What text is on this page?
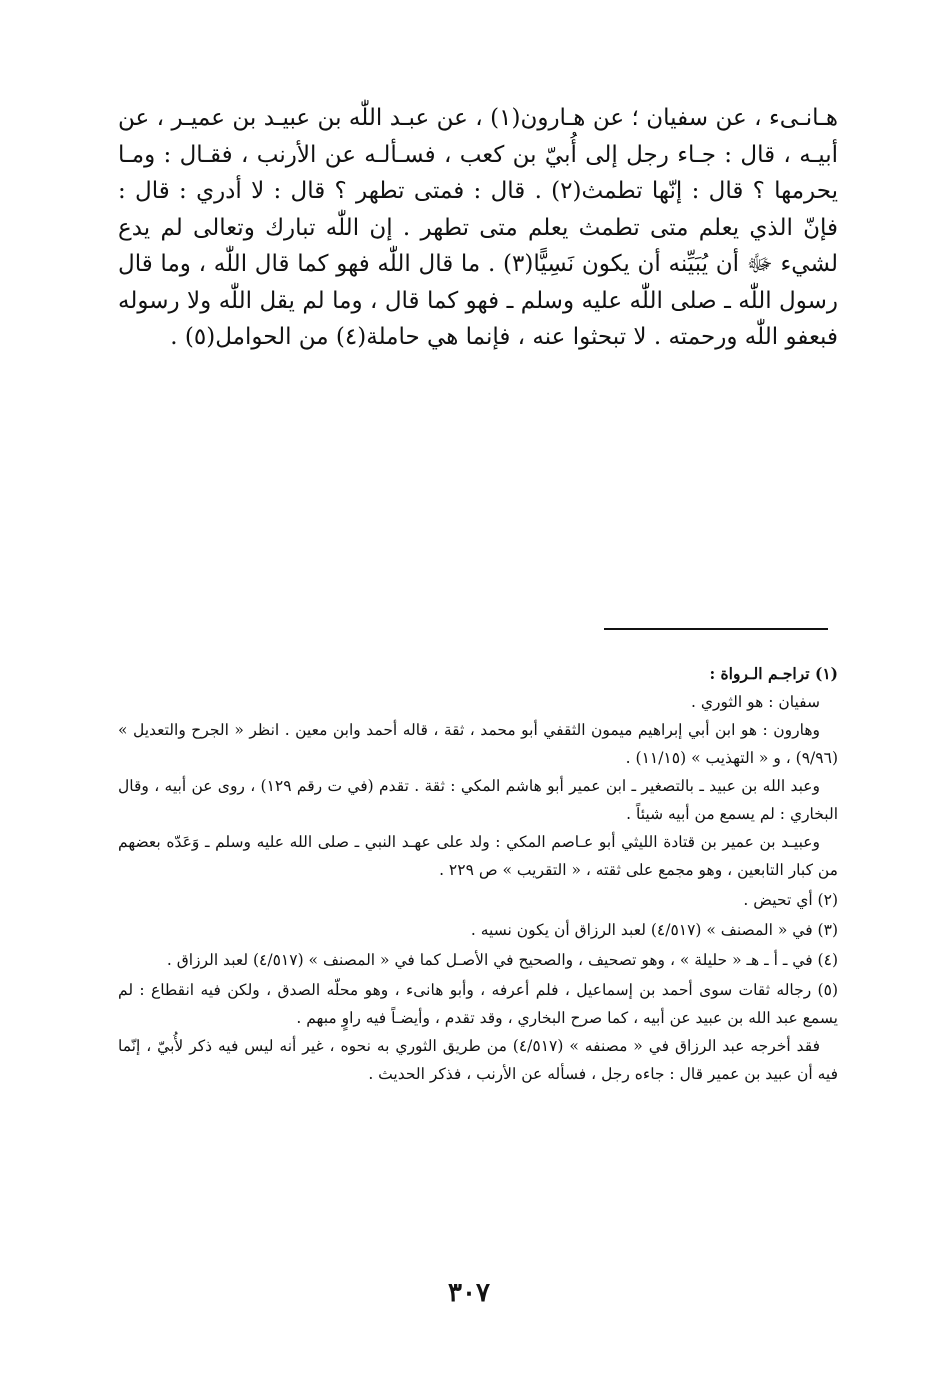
هـانـىء ، عن سفيان ؛ عن هـارون(١) ، عن عبـد اللّٰه بن عبيـد بن عميـر ، عن أبيـه ، قال : جـاء رجل إلى أُبيّ بن كعب ، فسـألـه عن الأرنب ، فقـال : ومـا يحرمها ؟ قال : إنّها تطمث(٢) . قال : فمتى تطهر ؟ قال : لا أدري : قال : فإنّ الذي يعلم متى تطمث يعلم متى تطهر . إن اللّٰه تبارك وتعالى لم يدع لشيء ﷻ أن يُبَيِّنه أن يكون نَسِيًّا(٣) . ما قال اللّٰه فهو كما قال اللّٰه ، وما قال رسول اللّٰه ـ صلى اللّٰه عليه وسلم ـ فهو كما قال ، وما لم يقل اللّٰه ولا رسوله فبعفو اللّٰه ورحمته . لا تبحثوا عنه ، فإنما هي حاملة(٤) من الحوامل(٥) .

(١) تراجـم الـرواة :

سفيان : هو الثوري .

وهارون : هو ابن أبي إبراهيم ميمون الثقفي أبو محمد ، ثقة ، قاله أحمد وابن معين . انظر « الجرح والتعديل » (٩/٩٦) ، و « التهذيب » (١١/١٥) .

وعبد الله بن عبيد ـ بالتصغير ـ ابن عمير أبو هاشم المكي : ثقة . تقدم (في ت رقم ١٢٩) ، روى عن أبيه ، وقال البخاري : لم يسمع من أبيه شيئاً .

وعبيـد بن عمير بن قتادة الليثي أبو عـاصم المكي : ولد على عهـد النبي ـ صلى الله عليه وسلم ـ وَعَدّه بعضهم من كبار التابعين ، وهو مجمع على ثقته ، « التقريب » ص ٢٢٩ .

(٢) أي تحيض .

(٣) في « المصنف » (٤/٥١٧) لعبد الرزاق أن يكون نسيه .

(٤) في ـ أ ـ هـ « حليلة » ، وهو تصحيف ، والصحيح في الأصـل كما في « المصنف » (٤/٥١٧) لعبد الرزاق .

(٥) رجاله ثقات سوى أحمد بن إسماعيل ، فلم أعرفه ، وأبو هانىء ، وهو محلّه الصدق ، ولكن فيه انقطاع : لم يسمع عبد الله بن عبيد عن أبيه ، كما صرح البخاري ، وقد تقدم ، وأيضـاً فيه راوٍ مبهم .

فقد أخرجه عبد الرزاق في « مصنفه » (٤/٥١٧) من طريق الثوري به نحوه ، غير أنه ليس فيه ذكر لأُبيّ ، إنّما فيه أن عبيد بن عمير قال : جاءه رجل ، فسأله عن الأرنب ، فذكر الحديث .

٣٠٧
